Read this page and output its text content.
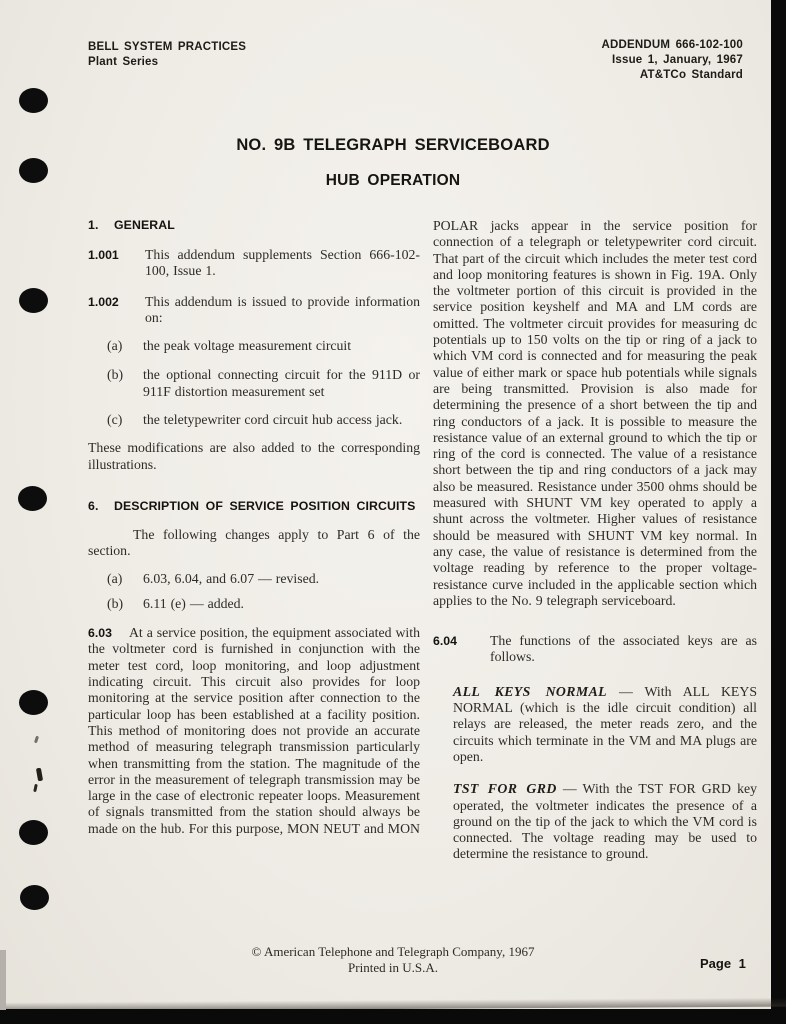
BELL SYSTEM PRACTICES
Plant Series
ADDENDUM 666-102-100
Issue 1, January, 1967
AT&TCo Standard
NO. 9B TELEGRAPH SERVICEBOARD
HUB OPERATION
1.	GENERAL
1.001	This addendum supplements Section 666-102-100, Issue 1.
1.002	This addendum is issued to provide information on:
(a)	the peak voltage measurement circuit
(b)	the optional connecting circuit for the 911D or 911F distortion measurement set
(c)	the teletypewriter cord circuit hub access jack.

These modifications are also added to the corresponding illustrations.

6.	DESCRIPTION OF SERVICE POSITION CIRCUITS

The following changes apply to Part 6 of the section.

(a)	6.03, 6.04, and 6.07 — revised.
(b)	6.11 (e) — added.

6.03 At a service position, the equipment associated with the voltmeter cord is furnished in conjunction with the meter test cord, loop monitoring, and loop adjustment indicating circuit. This circuit also provides for loop monitoring at the service position after connection to the particular loop has been established at a facility position. This method of monitoring does not provide an accurate method of measuring telegraph transmission particularly when transmitting from the station. The magnitude of the error in the measurement of telegraph transmission may be large in the case of electronic repeater loops. Measurement of signals transmitted from the station should always be made on the hub. For this purpose, MON NEUT and MON

POLAR jacks appear in the service position for connection of a telegraph or teletypewriter cord circuit. That part of the circuit which includes the meter test cord and loop monitoring features is shown in Fig. 19A. Only the voltmeter portion of this circuit is provided in the service position keyshelf and MA and LM cords are omitted. The voltmeter circuit provides for measuring dc potentials up to 150 volts on the tip or ring of a jack to which VM cord is connected and for measuring the peak value of either mark or space hub potentials while signals are being transmitted. Provision is also made for determining the presence of a short between the tip and ring conductors of a jack. It is possible to measure the resistance value of an external ground to which the tip or ring of the cord is connected. The value of a resistance short between the tip and ring conductors of a jack may also be measured. Resistance under 3500 ohms should be measured with SHUNT VM key operated to apply a shunt across the voltmeter. Higher values of resistance should be measured with SHUNT VM key normal. In any case, the value of resistance is determined from the voltage reading by reference to the proper voltage-resistance curve included in the applicable section which applies to the No. 9 telegraph serviceboard.

6.04	The functions of the associated keys are as follows.

ALL KEYS NORMAL — With ALL KEYS NORMAL (which is the idle circuit condition) all relays are released, the meter reads zero, and the circuits which terminate in the VM and MA plugs are open.

TST FOR GRD — With the TST FOR GRD key operated, the voltmeter indicates the presence of a ground on the tip of the jack to which the VM cord is connected. The voltage reading may be used to determine the resistance to ground.

© American Telephone and Telegraph Company, 1967
Printed in U.S.A.	Page 1
